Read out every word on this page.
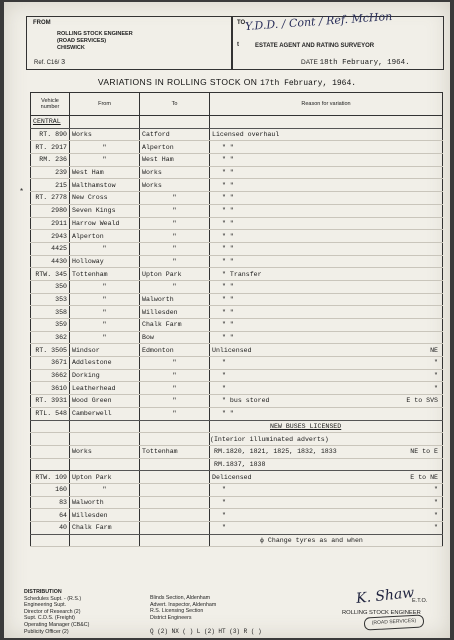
FROM
ROLLING STOCK ENGINEER
(ROAD SERVICES)
CHISWICK
Ref. C16/ 3
TO Y.D.D. / Cont / Ref. McHon
t	ESTATE AGENT AND RATING SURVEYOR
DATE 18th February, 1964.
VARIATIONS IN ROLLING STOCK ON 17th February, 1964.
*
Vehicle number	From	To	Reason for variation
CENTRAL			
RT. 890	Works	Catford	Licensed overhaul
RT. 2917	"	Alperton	" "
RM. 236	"	West Ham	" "
239	West Ham	Works	" "
215	Walthamstow	Works	" "
RT. 2778	New Cross	"	" "
2980	Seven Kings	"	" "
2911	Harrow Weald	"	" "
2943	Alperton	"	" "
4425	"	"	" "
4430	Holloway	"	" "
RTW. 345	Tottenham	Upton Park	" Transfer
350	"	"	" "
353	"	Walworth	" "
358	"	Willesden	" "
359	"	Chalk Farm	" "
362	"	Bow	" "
RT. 3505	Windsor	Edmonton	Unlicensed NE

3671	Addlestone	"	" "

3662	Dorking	"	" "

3610	Leatherhead	"	" "

RT. 3931	Wood Green	"	" bus stored E to SVS

RTL. 548	Camberwell	"	" "
			NEW BUSES LICENSED
			(Interior illuminated adverts)
	Works	Tottenham	RM.1820, 1821, 1825, 1832, 1833 NE to E

			RM.1837, 1838
RTW. 109	Upton Park		Delicensed E to NE

160	"		" "

83	Walworth		" "

64	Willesden		" "

40	Chalk Farm		" "

			ϕ Change tyres as and when
DISTRIBUTION
Schedules Supt. - (R.S.)
Engineering Supt.
Director of Research (2)
Supt. C.D.S. (Freight)
Operating Manager (CB&C)
Publicity Officer (2)
Blinds Section, Aldenham
Advert. Inspector, Aldenham
R.S. Licensing Section
District Engineers
Q (2) NX ( ) L (2) HT (3) R ( )
K. Shaw
E.T.O.
ROLLING STOCK ENGINEER
(ROAD SERVICES)
